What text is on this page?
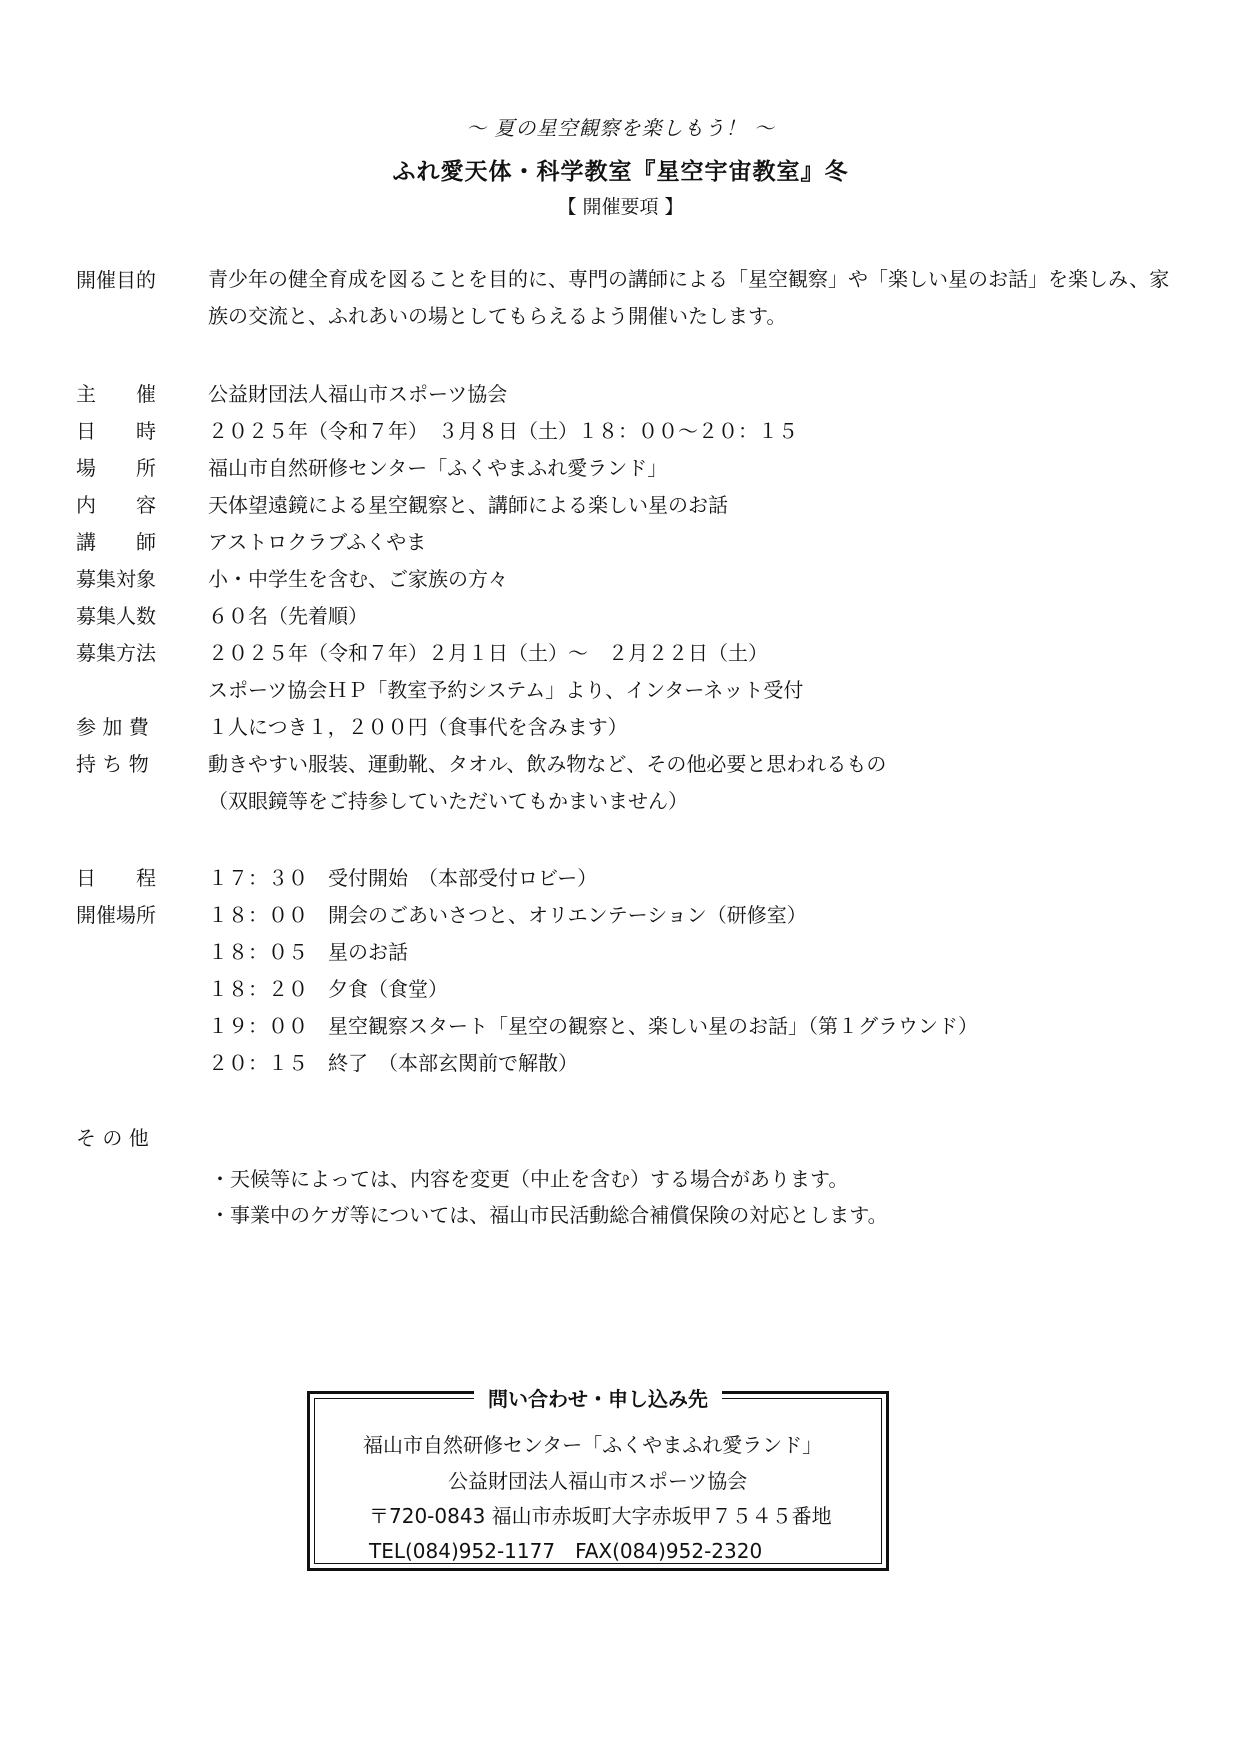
〜 夏の星空観察を楽しもう！ 〜
ふれ愛天体・科学教室『星空宇宙教室』冬
【 開催要項 】
開催目的	青少年の健全育成を図ることを目的に、専門の講師による「星空観察」や「楽しい星のお話」を楽しみ、家族の交流と、ふれあいの場としてもらえるよう開催いたします。
主　　催	公益財団法人福山市スポーツ協会
日　　時	２０２５年（令和７年）　３月８日（土）１８：００〜２０：１５
場　　所	福山市自然研修センター「ふくやまふれ愛ランド」
内　　容	天体望遠鏡による星空観察と、講師による楽しい星のお話
講　　師	アストロクラブふくやま
募集対象	小・中学生を含む、ご家族の方々
募集人数	６０名（先着順）
募集方法	２０２５年（令和７年）２月１日（土）〜　２月２２日（土）
スポーツ協会ＨＰ「教室予約システム」より、インターネット受付
参 加 費	１人につき１，２００円（食事代を含みます）
持 ち 物	動きやすい服装、運動靴、タオル、飲み物など、その他必要と思われるもの
（双眼鏡等をご持参していただいてもかまいません）
日　　程	１７：３０　受付開始　（本部受付ロビー）
開催場所	１８：００　開会のごあいさつと、オリエンテーション（研修室）
１８：０５　星のお話
１８：２０　夕食（食堂）
１９：００　星空観察スタート「星空の観察と、楽しい星のお話」（第１グラウンド）
２０：１５　終了　（本部玄関前で解散）
そ の 他
・天候等によっては、内容を変更（中止を含む）する場合があります。
・事業中のケガ等については、福山市民活動総合補償保険の対応とします。
問い合わせ・申し込み先
福山市自然研修センター「ふくやまふれ愛ランド」
公益財団法人福山市スポーツ協会
〒720-0843 福山市赤坂町大字赤坂甲７５４５番地
TEL(084)952-1177　FAX(084)952-2320
